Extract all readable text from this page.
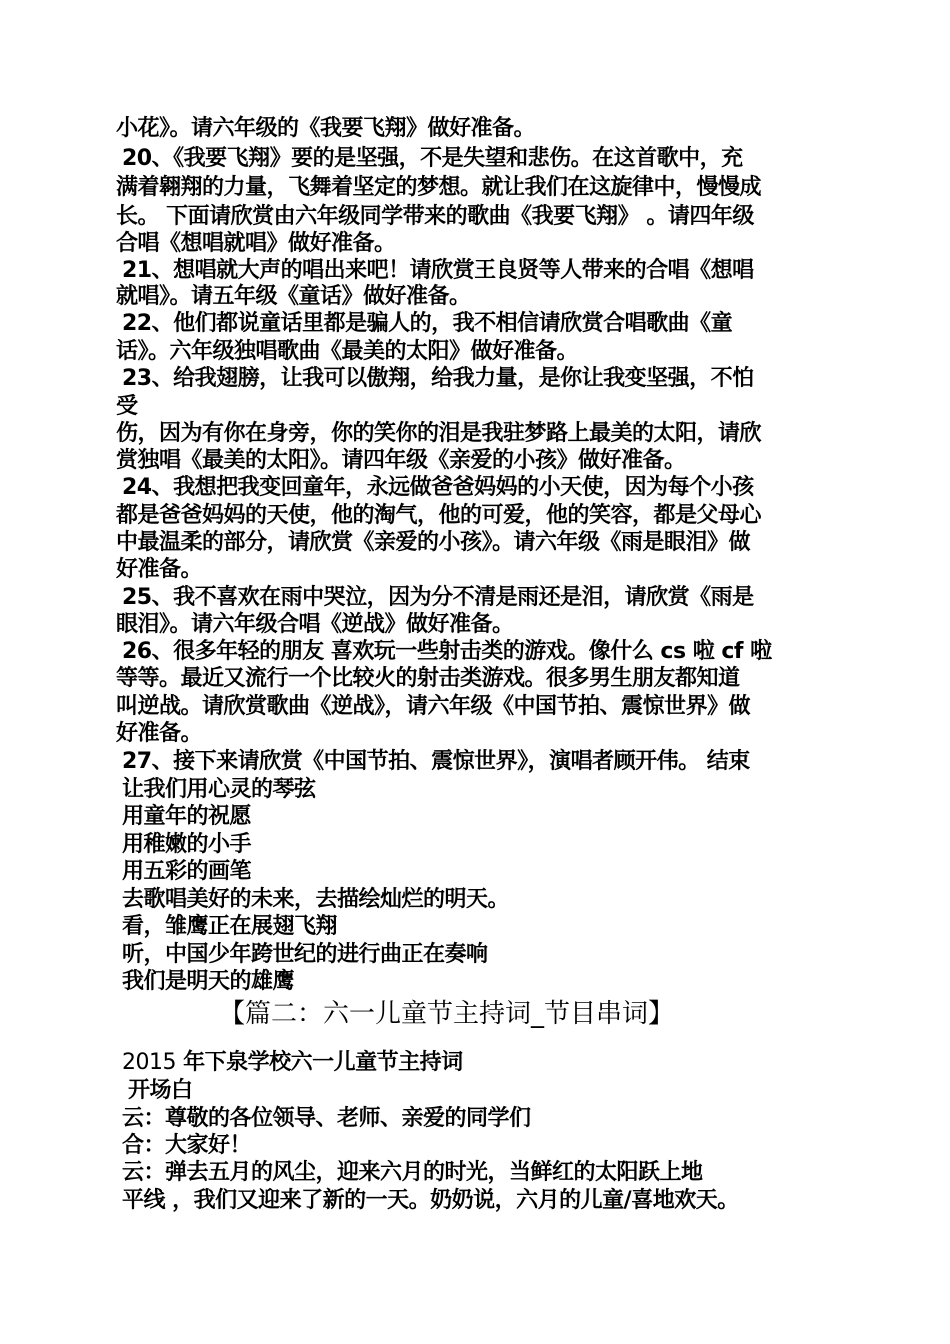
小花》。请六年级的《我要飞翔》做好准备。
20、《我要飞翔》要的是坚强，不是失望和悲伤。在这首歌中，充
满着翱翔的力量，飞舞着坚定的梦想。就让我们在这旋律中，慢慢成
长。 下面请欣赏由六年级同学带来的歌曲《我要飞翔》 。请四年级
合唱《想唱就唱》做好准备。
21、想唱就大声的唱出来吧！请欣赏王良贤等人带来的合唱《想唱
就唱》。请五年级《童话》做好准备。
22、他们都说童话里都是骗人的，我不相信请欣赏合唱歌曲《童
话》。六年级独唱歌曲《最美的太阳》做好准备。
23、给我翅膀，让我可以傲翔，给我力量，是你让我变坚强，不怕
受
伤，因为有你在身旁，你的笑你的泪是我驻梦路上最美的太阳，请欣
赏独唱《最美的太阳》。请四年级《亲爱的小孩》做好准备。
24、我想把我变回童年，永远做爸爸妈妈的小天使，因为每个小孩
都是爸爸妈妈的天使，他的淘气，他的可爱，他的笑容，都是父母心
中最温柔的部分，请欣赏《亲爱的小孩》。请六年级《雨是眼泪》做
好准备。
25、我不喜欢在雨中哭泣，因为分不清是雨还是泪，请欣赏《雨是
眼泪》。请六年级合唱《逆战》做好准备。
26、很多年轻的朋友 喜欢玩一些射击类的游戏。像什么 cs 啦 cf 啦
等等。最近又流行一个比较火的射击类游戏。很多男生朋友都知道
叫逆战。请欣赏歌曲《逆战》，请六年级《中国节拍、震惊世界》做
好准备。
27、接下来请欣赏《中国节拍、震惊世界》，演唱者顾开伟。 结束
让我们用心灵的琴弦
用童年的祝愿
用稚嫩的小手
用五彩的画笔
去歌唱美好的未来，去描绘灿烂的明天。
看，雏鹰正在展翅飞翔
听，中国少年跨世纪的进行曲正在奏响
我们是明天的雄鹰
【篇二：六一儿童节主持词_节目串词】
2015 年下泉学校六一儿童节主持词
开场白
云：尊敬的各位领导、老师、亲爱的同学们
合：大家好！
云：弹去五月的风尘，迎来六月的时光，当鲜红的太阳跃上地
平线 ，我们又迎来了新的一天。奶奶说，六月的儿童/喜地欢天。
